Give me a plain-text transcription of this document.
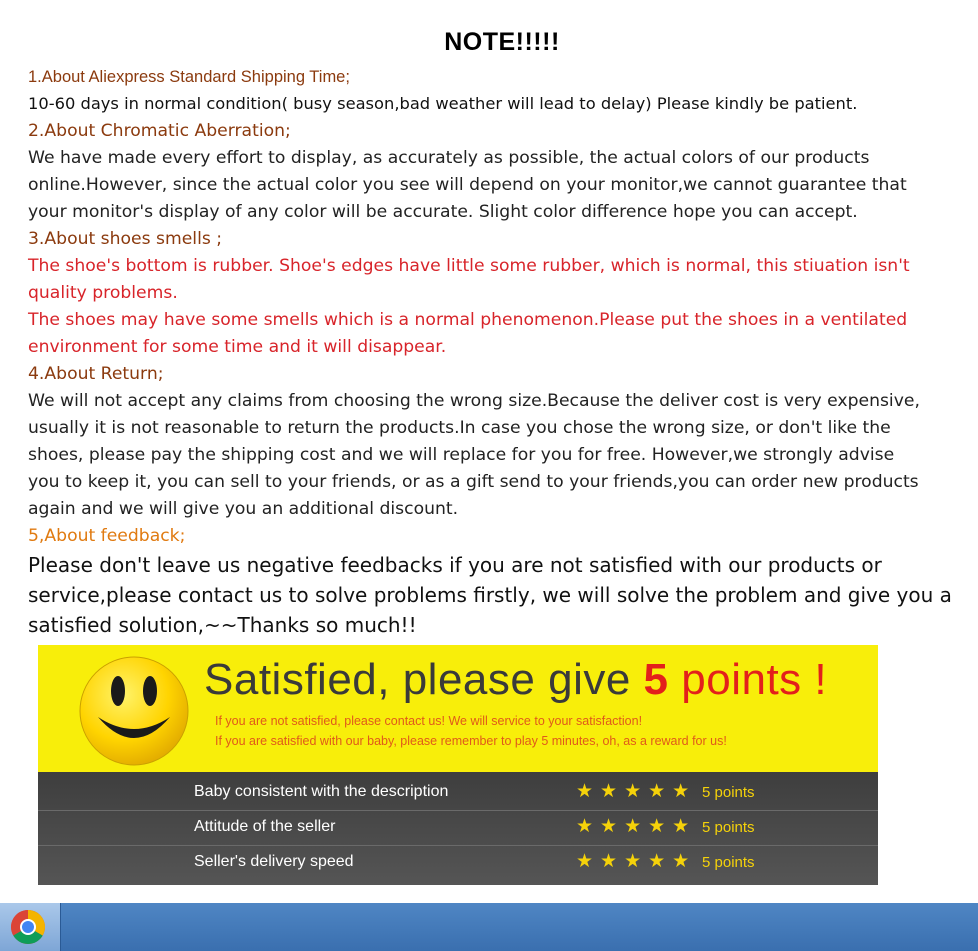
NOTE!!!!!
1.About Aliexpress Standard Shipping Time;
10-60 days in normal condition( busy season,bad weather will lead to delay) Please kindly be patient.
2.About Chromatic Aberration;
We have made every effort to display, as accurately as possible, the actual colors of our products
online.However, since the actual color you see will depend on your monitor,we cannot guarantee that
your monitor's display of any color will be accurate. Slight color difference hope you can accept.
3.About shoes smells ;
The shoe's bottom is rubber. Shoe's edges have little some rubber, which is normal, this stiuation isn't
quality problems.
The shoes may have some smells which is a normal phenomenon.Please put the shoes in a ventilated
environment for some time and it will disappear.
4.About Return;
We will not accept any claims from choosing the wrong size.Because the deliver cost is very expensive,
usually it is not reasonable to return the products.In case you chose the wrong size, or don't like the
shoes, please pay the shipping cost and we will replace for you for free. However,we strongly advise
you to keep it, you can sell to your friends, or as a gift send to your friends,you can order new products
again and we will give you an additional discount.
5,About feedback;
Please don't leave us negative feedbacks if you are not satisfied with our products or
service,please contact us to solve problems firstly, we will solve the problem and give you a
satisfied solution,~~Thanks so much!!
Satisfied, please give 5 points !
If you are not satisfied, please contact us! We will service to your satisfaction!
If you are satisfied with our baby, please remember to play 5 minutes, oh, as a reward for us!
Baby consistent with the description	★★★★★ 5 points
Attitude of the seller	★★★★★ 5 points
Seller's delivery speed	★★★★★ 5 points
